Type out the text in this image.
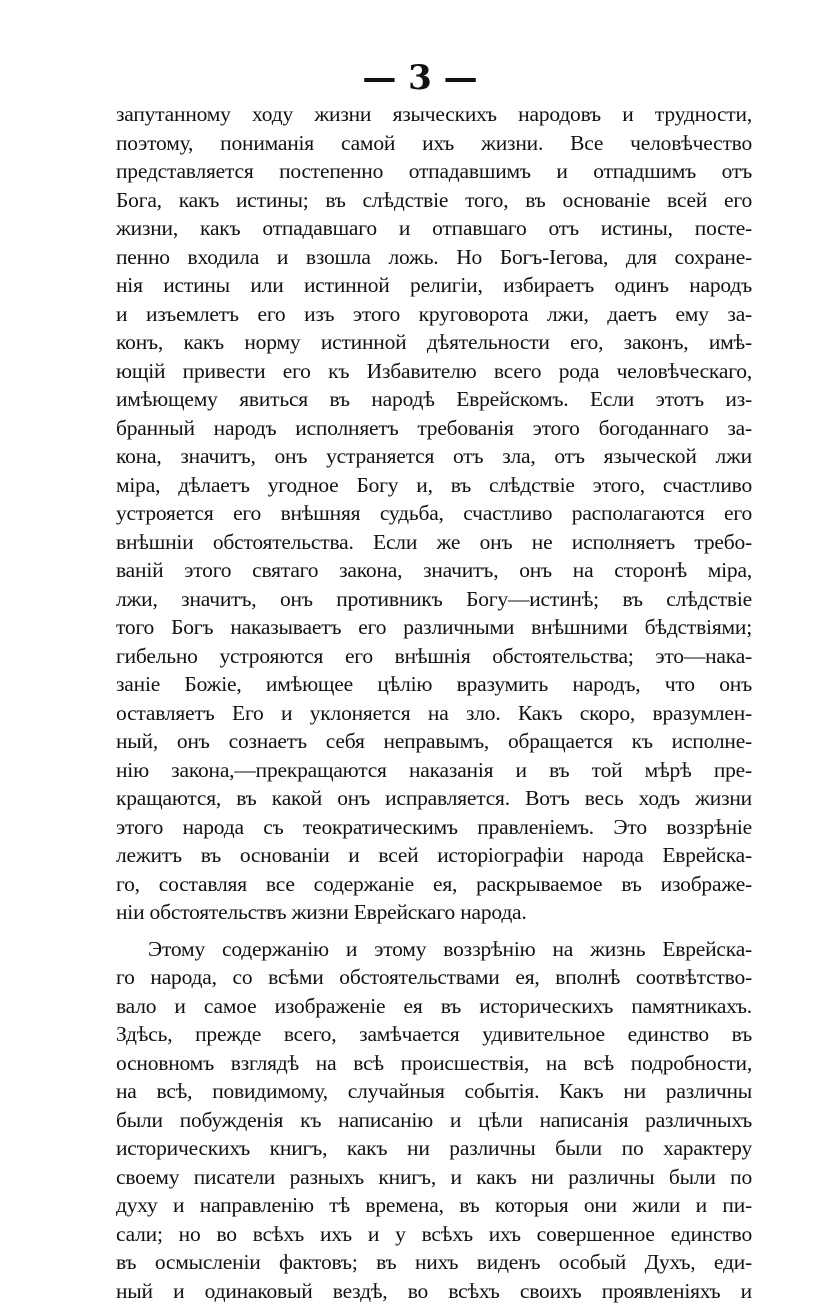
— 3 —
запутанному ходу жизни языческихъ народовъ и трудности,
поэтому, пониманія самой ихъ жизни. Все человѣчество
представляется постепенно отпадавшимъ и отпадшимъ отъ
Бога, какъ истины; въ слѣдствіе того, въ основаніе всей его
жизни, какъ отпадавшаго и отпавшаго отъ истины, посте-
пенно входила и взошла ложь. Но Богъ-Іегова, для сохране-
нія истины или истинной религіи, избираетъ одинъ народъ
и изъемлетъ его изъ этого круговорота лжи, даетъ ему за-
конъ, какъ норму истинной дѣятельности его, законъ, имѣ-
ющій привести его къ Избавителю всего рода человѣческаго,
имѣющему явиться въ народѣ Еврейскомъ. Если этотъ из-
бранный народъ исполняетъ требованія этого богоданнаго за-
кона, значитъ, онъ устраняется отъ зла, отъ языческой лжи
міра, дѣлаетъ угодное Богу и, въ слѣдствіе этого, счастливо
устрояется его внѣшняя судьба, счастливо располагаются его
внѣшніи обстоятельства. Если же онъ не исполняетъ требо-
ваній этого святаго закона, значитъ, онъ на сторонѣ міра,
лжи, значитъ, онъ противникъ Богу—истинѣ; въ слѣдствіе
того Богъ наказываетъ его различными внѣшними бѣдствіями;
гибельно устрояются его внѣшнія обстоятельства; это—нака-
заніе Божіе, имѣющее цѣлію вразумить народъ, что онъ
оставляетъ Его и уклоняется на зло. Какъ скоро, вразумлен-
ный, онъ сознаетъ себя неправымъ, обращается къ исполне-
нію закона,—прекращаются наказанія и въ той мѣрѣ пре-
кращаются, въ какой онъ исправляется. Вотъ весь ходъ жизни
этого народа съ теократическимъ правленіемъ. Это воззрѣніе
лежитъ въ основаніи и всей исторіографіи народа Еврейска-
го, составляя все содержаніе ея, раскрываемое въ изображе-
ніи обстоятельствъ жизни Еврейскаго народа.
Этому содержанію и этому воззрѣнію на жизнь Еврейска-
го народа, со всѣми обстоятельствами ея, вполнѣ соотвѣтство-
вало и самое изображеніе ея въ историческихъ памятникахъ.
Здѣсь, прежде всего, замѣчается удивительное единство въ
основномъ взглядѣ на всѣ происшествія, на всѣ подробности,
на всѣ, повидимому, случайныя событія. Какъ ни различны
были побужденія къ написанію и цѣли написанія различныхъ
историческихъ книгъ, какъ ни различны были по характеру
своему писатели разныхъ книгъ, и какъ ни различны были по
духу и направленію тѣ времена, въ которыя они жили и пи-
сали; но во всѣхъ ихъ и у всѣхъ ихъ совершенное единство
въ осмысленіи фактовъ; въ нихъ виденъ особый Духъ, еди-
ный и одинаковый вездѣ, во всѣхъ своихъ проявленіяхъ и
